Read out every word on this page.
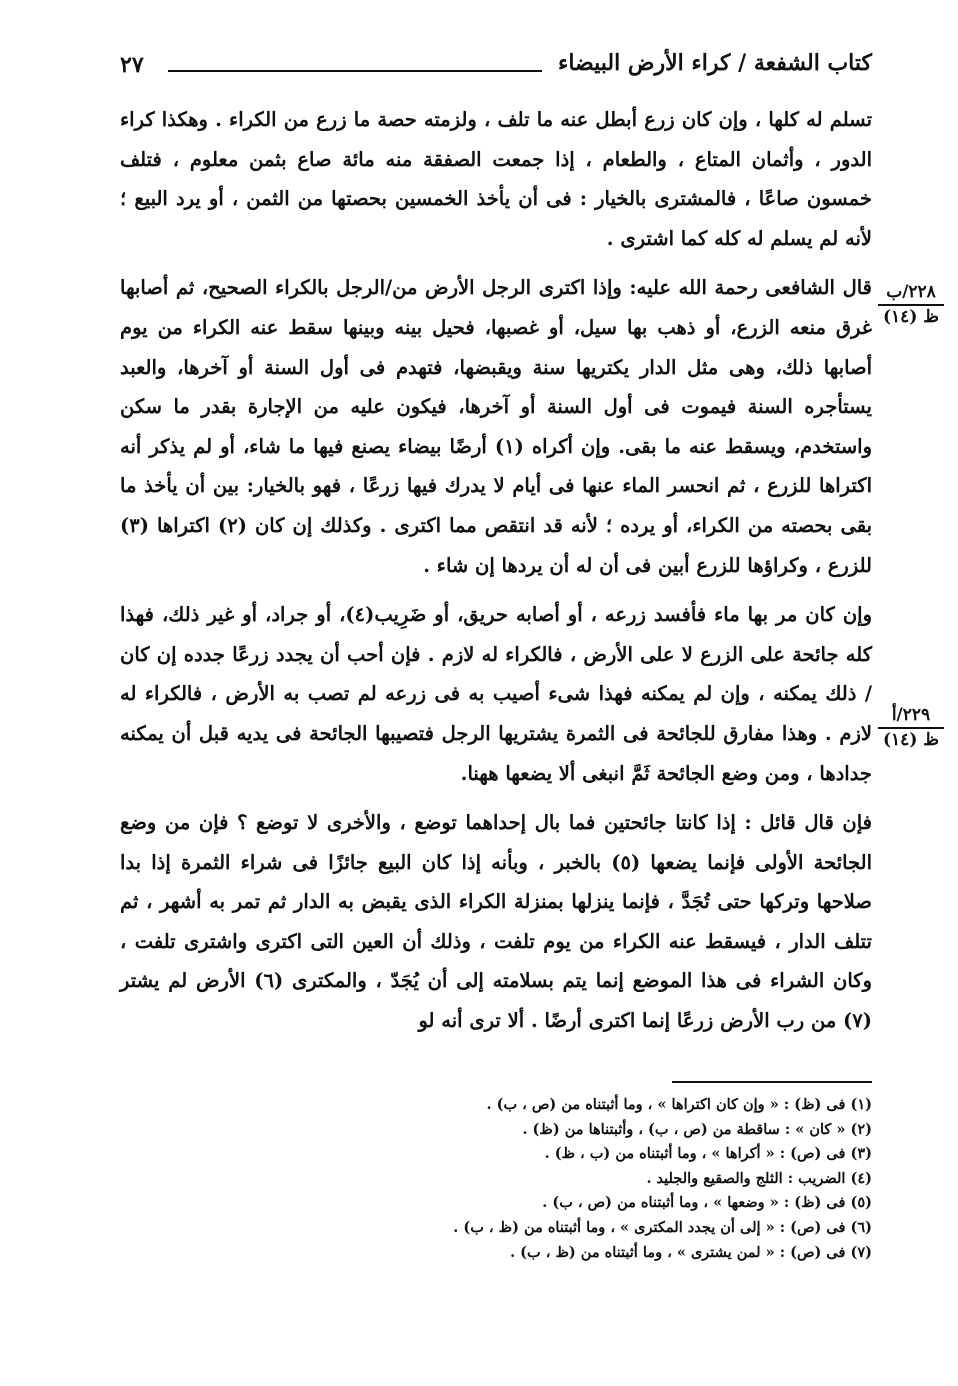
كتاب الشفعة / كراء الأرض البيضاء
٢٧
٢٢٨/ب
ظ (١٤)
٢٢٩/أ
ظ (١٤)

تسلم له كلها ، وإن كان زرع أبطل عنه ما تلف ، ولزمته حصة ما زرع من الكراء . وهكذا كراء الدور ، وأثمان المتاع ، والطعام ، إذا جمعت الصفقة منه مائة صاع بثمن معلوم ، فتلف خمسون صاعًا ، فالمشترى بالخيار : فى أن يأخذ الخمسين بحصتها من الثمن ، أو يرد البيع ؛ لأنه لم يسلم له كله كما اشترى .

قال الشافعى رحمة الله عليه: وإذا اكترى الرجل الأرض من/الرجل بالكراء الصحيح، ثم أصابها غرق منعه الزرع، أو ذهب بها سيل، أو غصبها، فحيل بينه وبينها سقط عنه الكراء من يوم أصابها ذلك، وهى مثل الدار يكتريها سنة ويقبضها، فتهدم فى أول السنة أو آخرها، والعبد يستأجره السنة فيموت فى أول السنة أو آخرها، فيكون عليه من الإجارة بقدر ما سكن واستخدم، ويسقط عنه ما بقى. وإن أكراه (١) أرضًا بيضاء يصنع فيها ما شاء، أو لم يذكر أنه اكتراها للزرع ، ثم انحسر الماء عنها فى أيام لا يدرك فيها زرعًا ، فهو بالخيار: بين أن يأخذ ما بقى بحصته من الكراء، أو يرده ؛ لأنه قد انتقص مما اكترى . وكذلك إن كان (٢) اكتراها (٣) للزرع ، وكراؤها للزرع أبين فى أن له أن يردها إن شاء .

وإن كان مر بها ماء فأفسد زرعه ، أو أصابه حريق، أو ضَرِيب(٤)، أو جراد، أو غير ذلك، فهذا كله جائحة على الزرع لا على الأرض ، فالكراء له لازم . فإن أحب أن يجدد زرعًا جدده إن كان / ذلك يمكنه ، وإن لم يمكنه فهذا شىء أصيب به فى زرعه لم تصب به الأرض ، فالكراء له لازم . وهذا مفارق للجائحة فى الثمرة يشتريها الرجل فتصيبها الجائحة فى يديه قبل أن يمكنه جدادها ، ومن وضع الجائحة ثَمَّ انبغى ألا يضعها ههنا.

فإن قال قائل : إذا كانتا جائحتين فما بال إحداهما توضع ، والأخرى لا توضع ؟ فإن من وضع الجائحة الأولى فإنما يضعها (٥) بالخبر ، وبأنه إذا كان البيع جائزًا فى شراء الثمرة إذا بدا صلاحها وتركها حتى تُجَدَّ ، فإنما ينزلها بمنزلة الكراء الذى يقبض به الدار ثم تمر به أشهر ، ثم تتلف الدار ، فيسقط عنه الكراء من يوم تلفت ، وذلك أن العين التى اكترى واشترى تلفت ، وكان الشراء فى هذا الموضع إنما يتم بسلامته إلى أن يُجَدّ ، والمكترى (٦) الأرض لم يشتر (٧) من رب الأرض زرعًا إنما اكترى أرضًا . ألا ترى أنه لو

(١) فى (ظ) : « وإن كان اكتراها » ، وما أثبتناه من (ص ، ب) .
(٢) « كان » : ساقطة من (ص ، ب) ، وأثبتناها من (ظ) .
(٣) فى (ص) : « أكراها » ، وما أثبتناه من (ب ، ظ) .
(٤) الضريب : الثلج والصقيع والجليد .
(٥) فى (ظ) : « وضعها » ، وما أثبتناه من (ص ، ب) .
(٦) فى (ص) : « إلى أن يجدد المكترى » ، وما أثبتناه من (ظ ، ب) .
(٧) فى (ص) : « لمن يشترى » ، وما أثبتناه من (ظ ، ب) .
